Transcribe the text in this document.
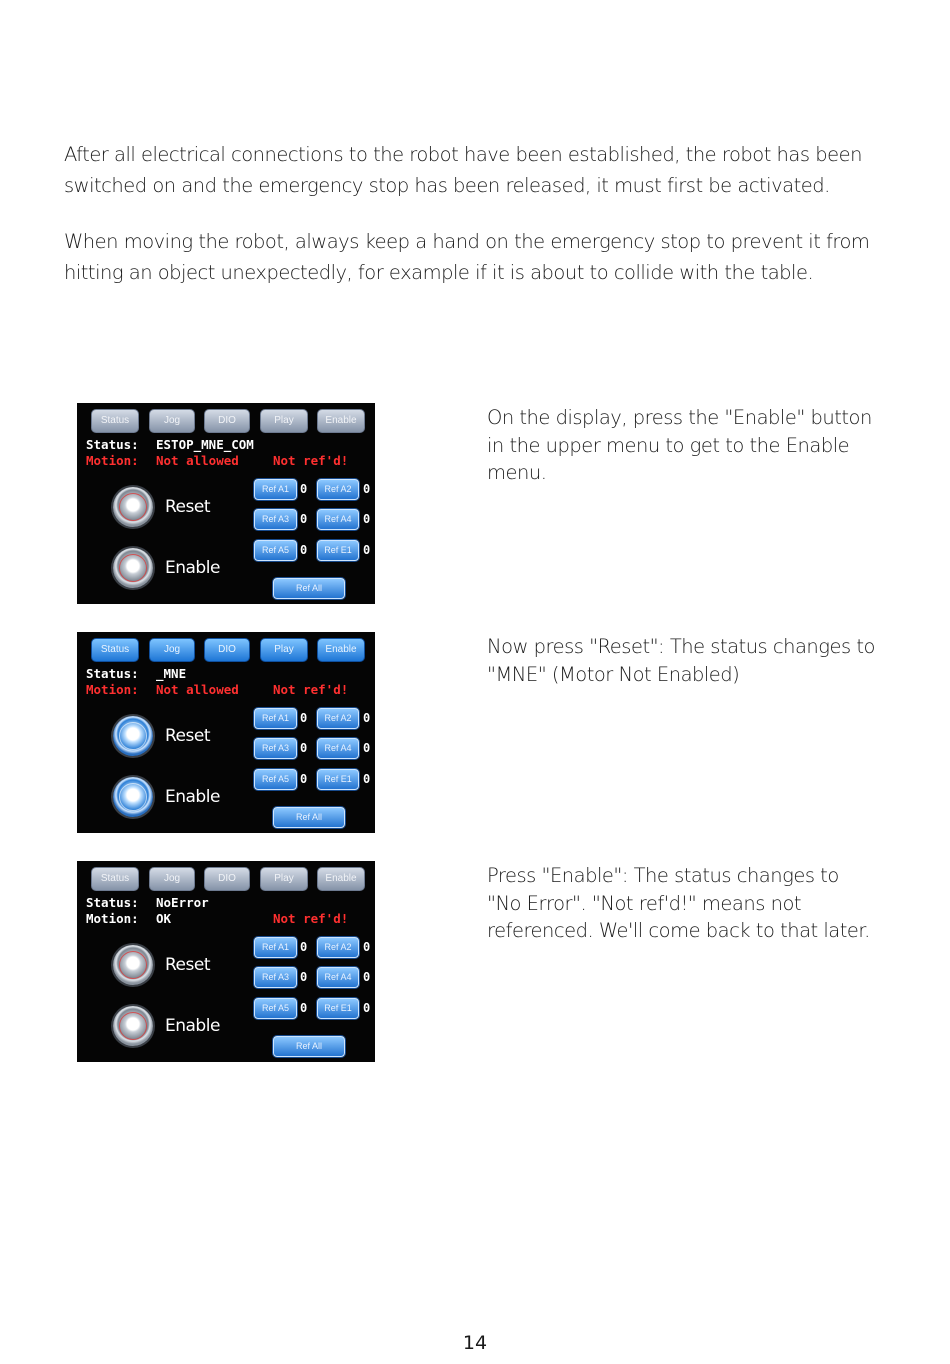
After all electrical connections to the robot have been established, the robot has been switched on and the emergency stop has been released, it must first be activated.

When moving the robot, always keep a hand on the emergency stop to prevent it from hitting an object unexpectedly, for example if it is about to collide with the table.

Status	Jog	DIO	Play	Enable
Status: ESTOP_MNE_COM
Motion: Not allowed	Not ref'd!
Reset
Enable
Ref A1 0	Ref A2 0
Ref A3 0	Ref A4 0
Ref A5 0	Ref E1 0
Ref All

On the display, press the "Enable" button in the upper menu to get to the Enable menu.

Status	Jog	DIO	Play	Enable
Status: _MNE
Motion: Not allowed	Not ref'd!
Reset
Enable
Ref A1 0	Ref A2 0
Ref A3 0	Ref A4 0
Ref A5 0	Ref E1 0
Ref All

Now press "Reset": The status changes to "MNE" (Motor Not Enabled)

Status	Jog	DIO	Play	Enable
Status: NoError
Motion: OK	Not ref'd!
Reset
Enable
Ref A1 0	Ref A2 0
Ref A3 0	Ref A4 0
Ref A5 0	Ref E1 0
Ref All

Press "Enable": The status changes to "No Error". "Not ref'd!" means not referenced. We'll come back to that later.

14
